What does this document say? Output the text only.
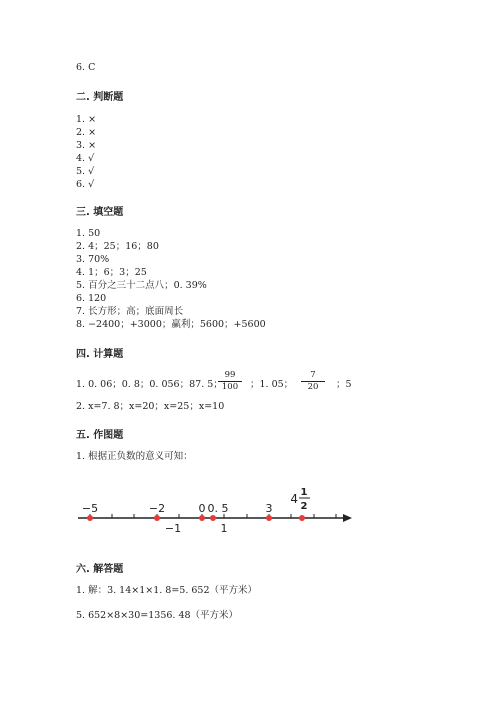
6. C
二. 判断题
1. ×
2. ×
3. ×
4. √
5. √
6. √
三. 填空题
1. 50
2. 4；25；16；80
3. 70%
4. 1；6；3；25
5. 百分之三十二点八；0. 39%
6. 120
7. 长方形；高；底面周长
8. −2400；+3000；赢利；5600；+5600
四. 计算题
1. 0. 06；0. 8；0. 056；87. 5；
$\frac{99}{100}$ ；1. 05； $\frac{7}{20}$ ；5
2. x=7. 8；x=20；x=25；x=10
五. 作图题
1. 根据正负数的意义可知：
−5	−2	0 0. 5	3
−1	1
4 1
2
六. 解答题
1. 解：3. 14×1×1. 8=5. 652（平方米）
5. 652×8×30=1356. 48（平方米）
